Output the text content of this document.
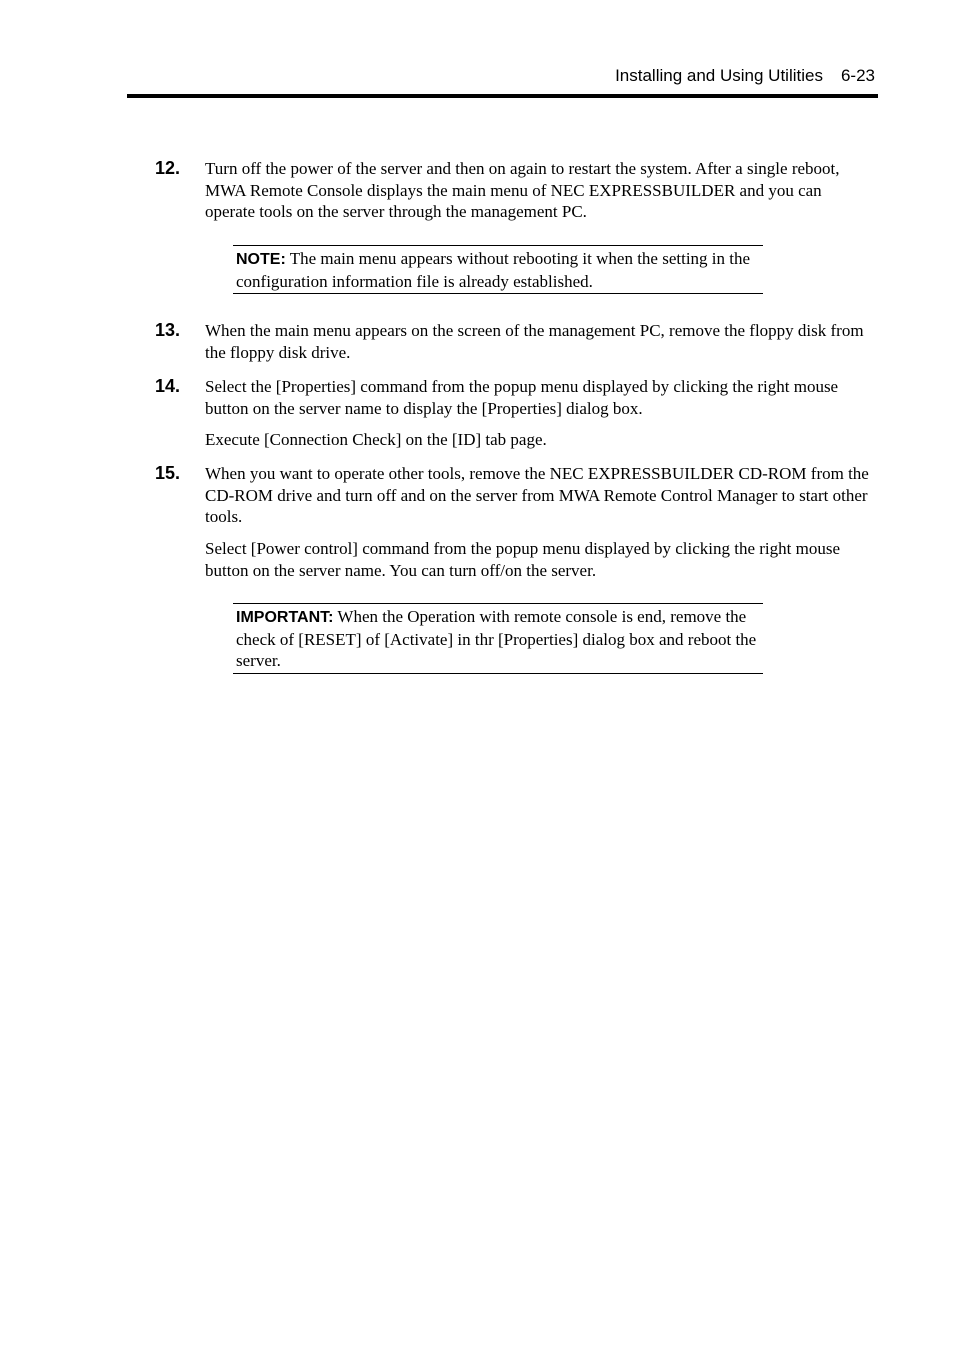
Installing and Using Utilities 6-23
12. Turn off the power of the server and then on again to restart the system. After a single reboot, MWA Remote Console displays the main menu of NEC EXPRESSBUILDER and you can operate tools on the server through the management PC.
NOTE: The main menu appears without rebooting it when the setting in the configuration information file is already established.
13. When the main menu appears on the screen of the management PC, remove the floppy disk from the floppy disk drive.
14. Select the [Properties] command from the popup menu displayed by clicking the right mouse button on the server name to display the [Properties] dialog box.
Execute [Connection Check] on the [ID] tab page.
15. When you want to operate other tools, remove the NEC EXPRESSBUILDER CD-ROM from the CD-ROM drive and turn off and on the server from MWA Remote Control Manager to start other tools.
Select [Power control] command from the popup menu displayed by clicking the right mouse button on the server name. You can turn off/on the server.
IMPORTANT: When the Operation with remote console is end, remove the check of [RESET] of [Activate] in thr [Properties] dialog box and reboot the server.
